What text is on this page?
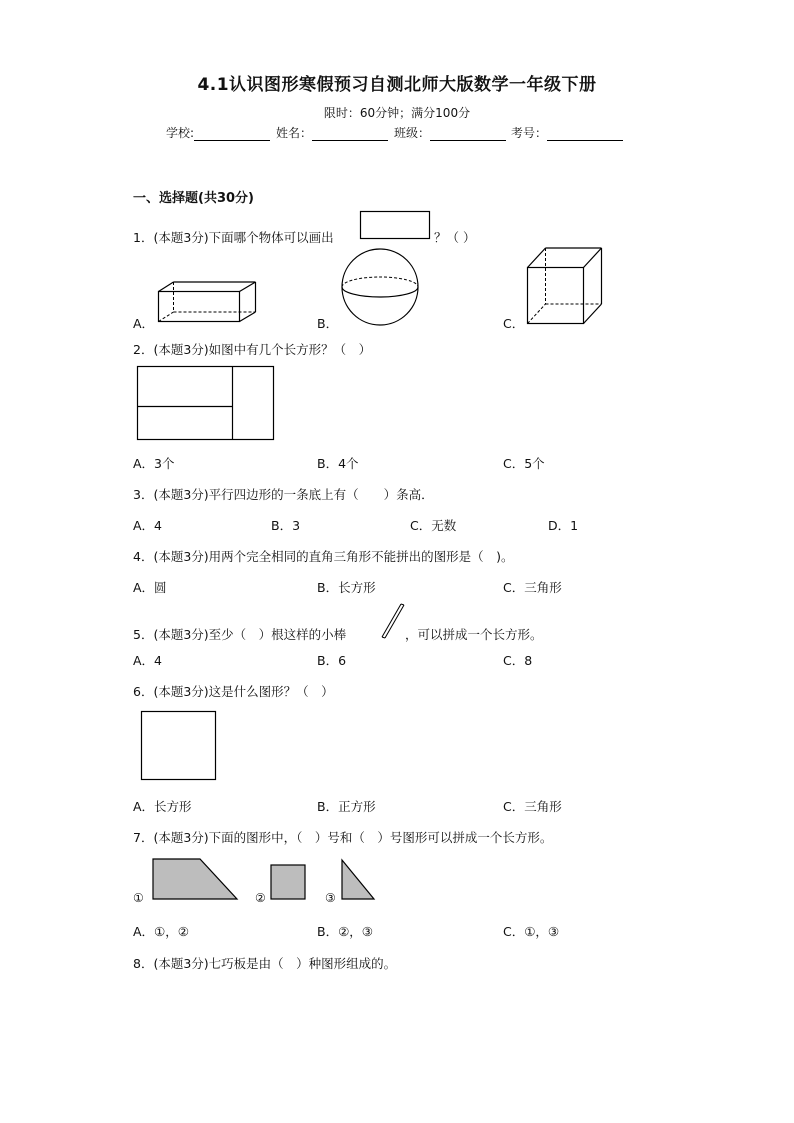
4.1认识图形寒假预习自测北师大版数学一年级下册
限时：60分钟；满分100分
学校:	姓名：	班级：	考号：
一、选择题(共30分)
1．(本题3分)下面哪个物体可以画出	？（ ）
A．	B．	C．
2．(本题3分)如图中有几个长方形？（　）
A．3个	B．4个	C．5个
3．(本题3分)平行四边形的一条底上有（　　）条高．
A．4	B．3	C．无数	D．1
4．(本题3分)用两个完全相同的直角三角形不能拼出的图形是（　)。
A．圆	B．长方形	C．三角形
5．(本题3分)至少（　）根这样的小棒	，可以拼成一个长方形。
A．4	B．6	C．8
6．(本题3分)这是什么图形？（　）
A．长方形	B．正方形	C．三角形
7．(本题3分)下面的图形中，（　）号和（　）号图形可以拼成一个长方形。
①	②	③
A．①，②	B．②，③	C．①，③
8．(本题3分)七巧板是由（　）种图形组成的。
